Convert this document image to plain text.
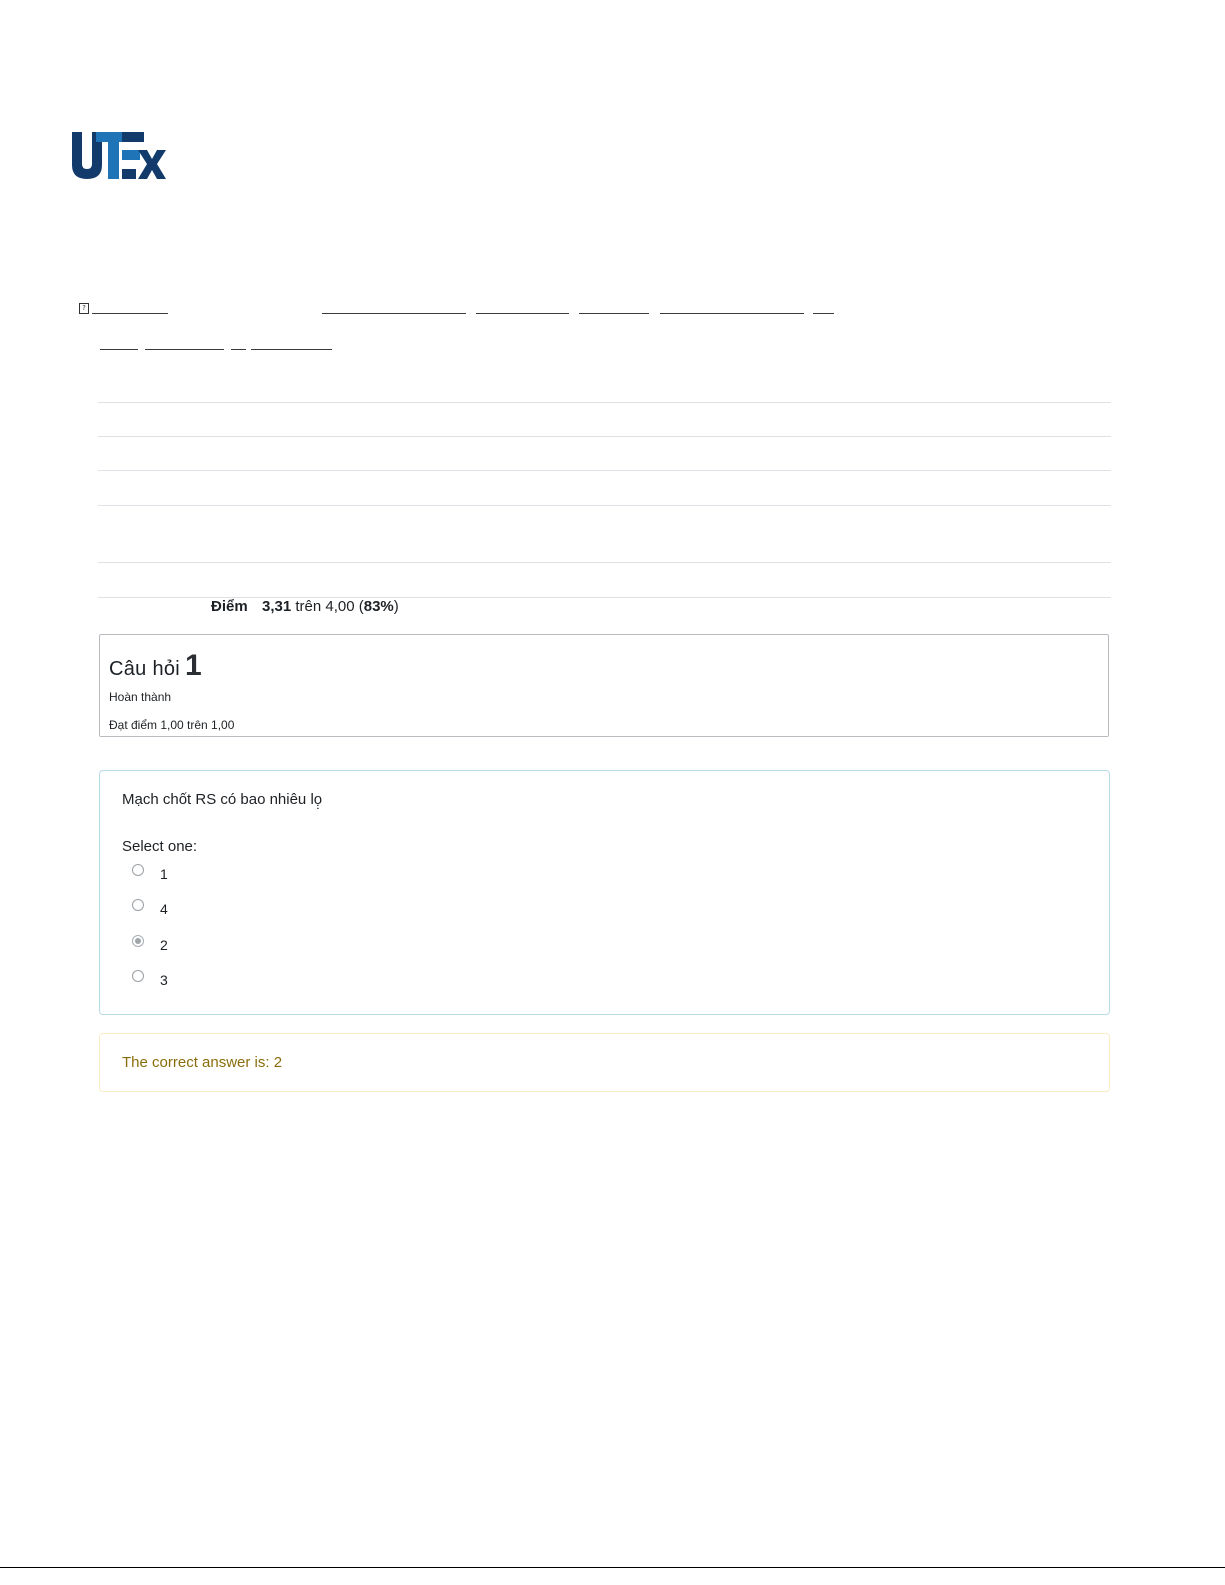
?
Điểm 3,31 trên 4,00 (83%)
Câu hỏi 1
Hoàn thành
Đạt điểm 1,00 trên 1,00
Mạch chốt RS có bao nhiêu lọ̣
Select one:
1
4
2
3
The correct answer is: 2
